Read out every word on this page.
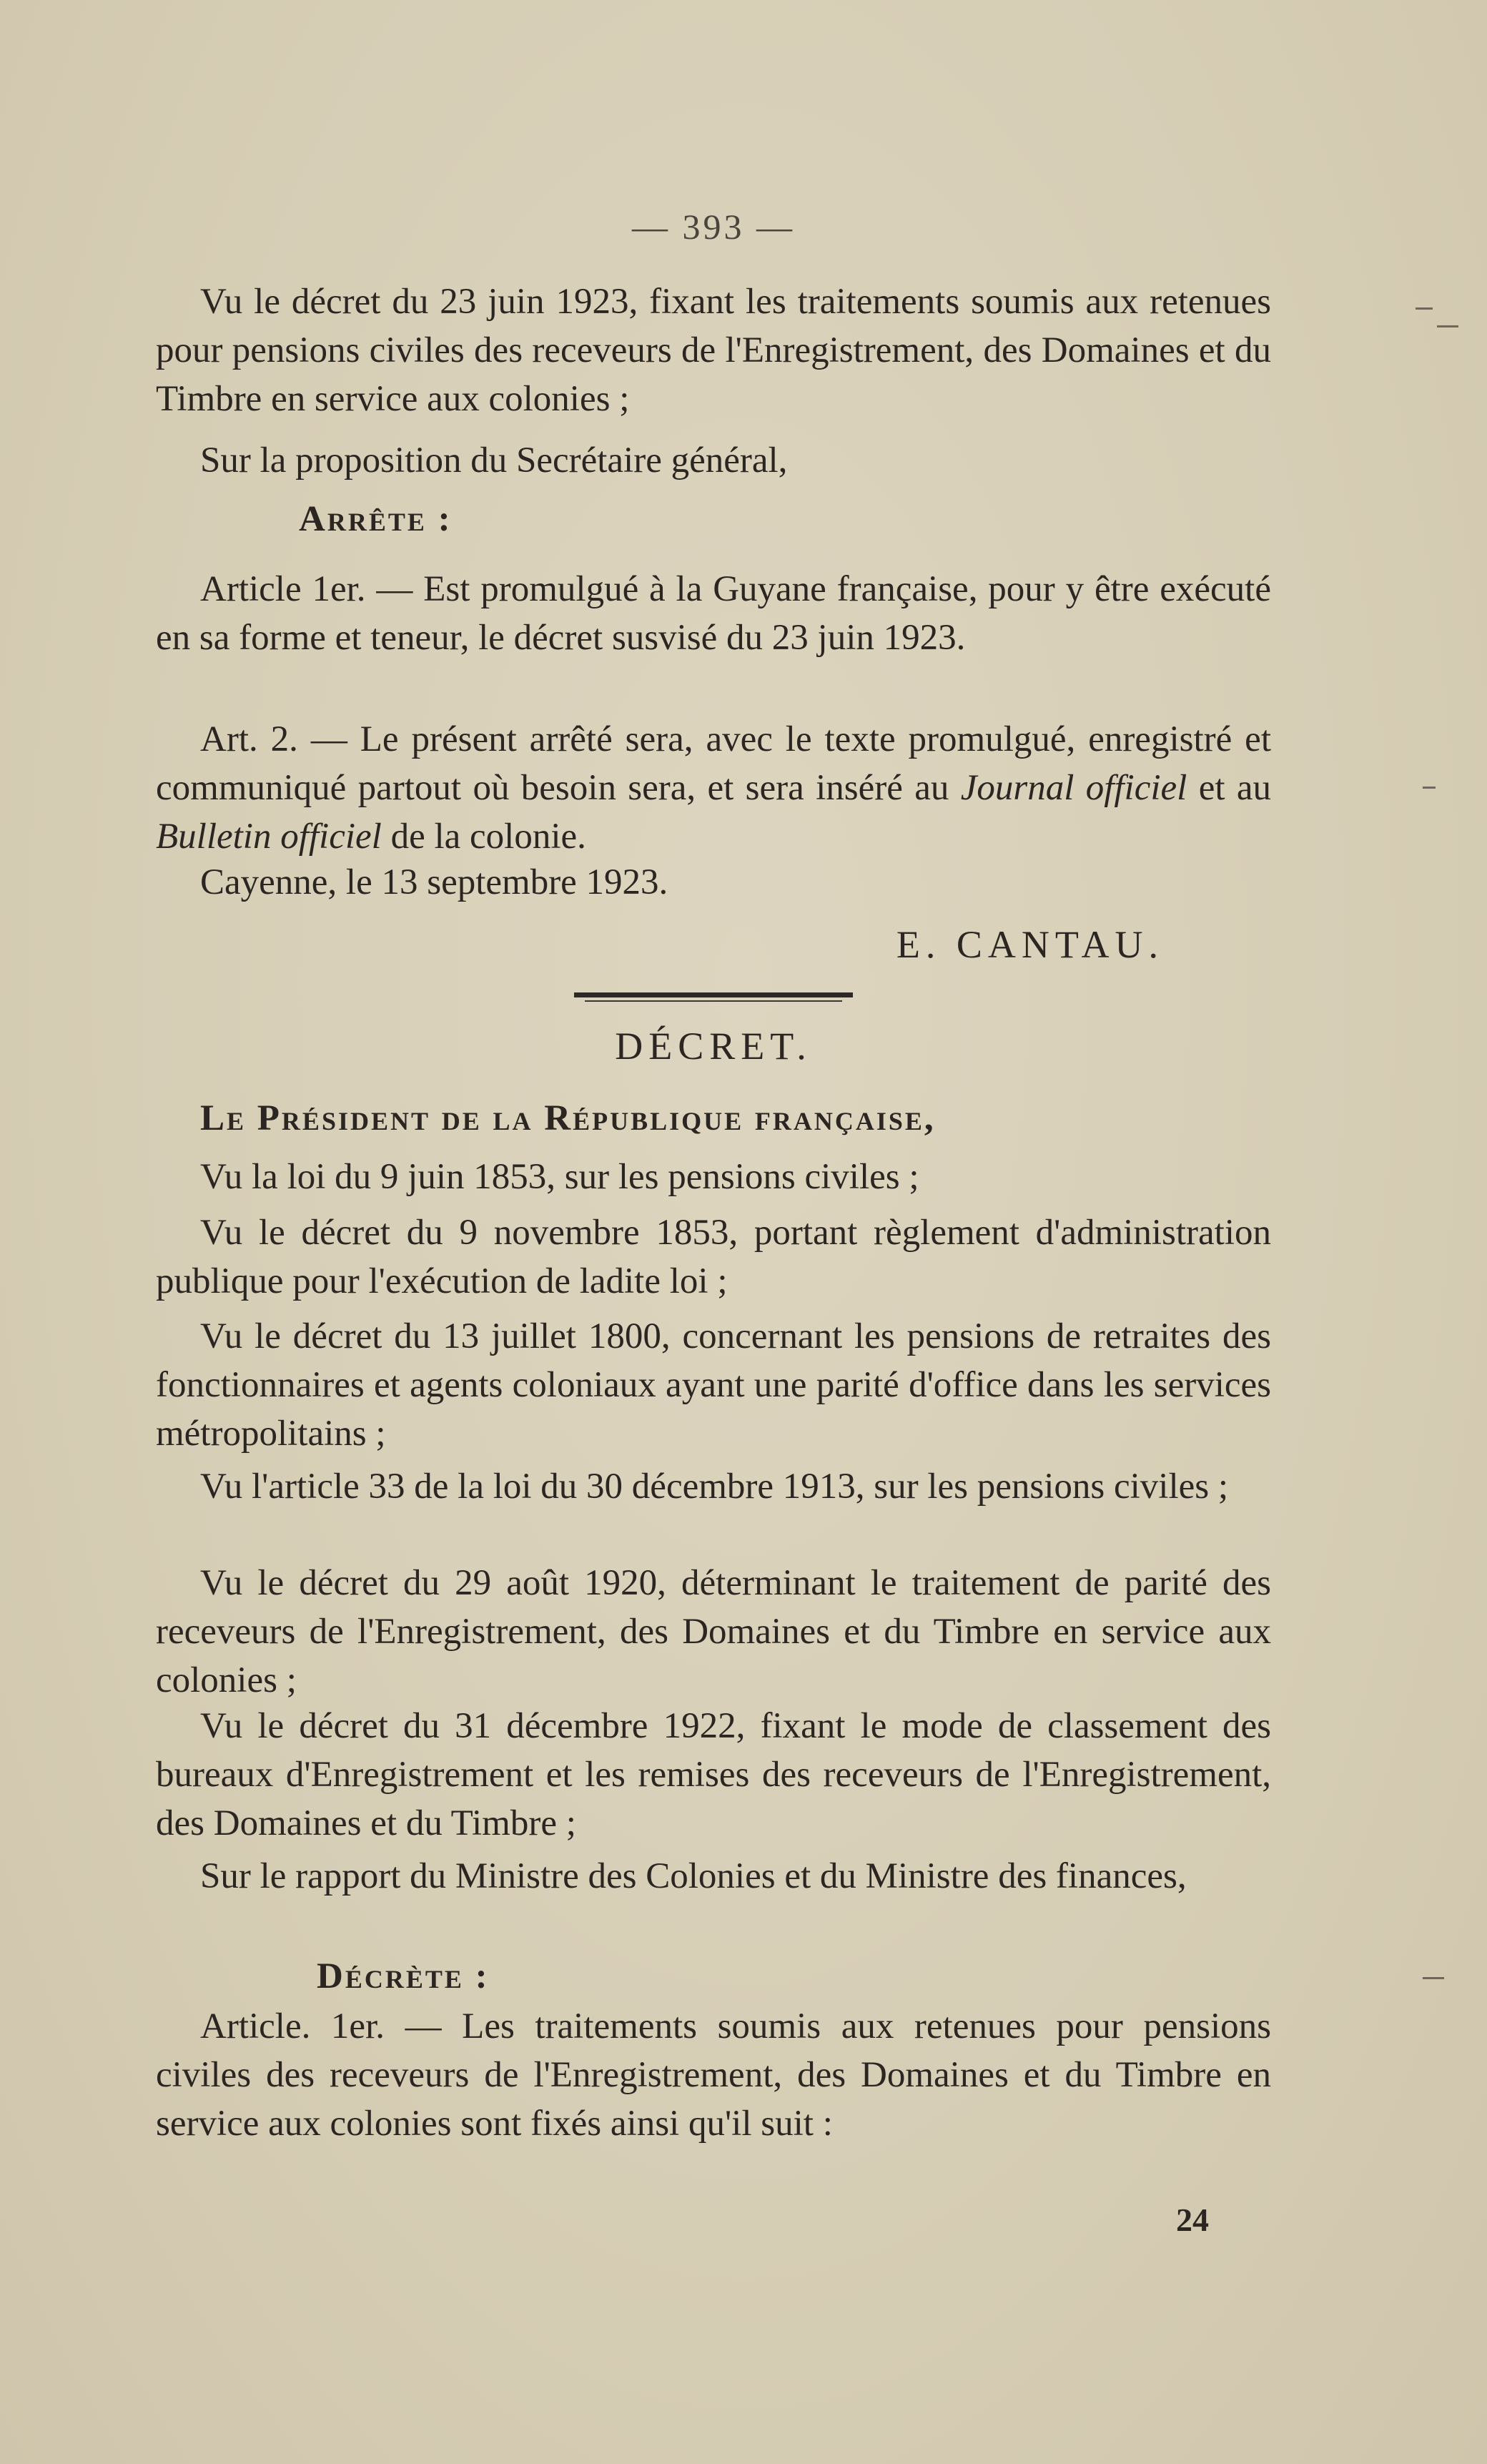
— 393 —

Vu le décret du 23 juin 1923, fixant les traitements soumis aux retenues pour pensions civiles des receveurs de l'Enregistrement, des Domaines et du Timbre en service aux colonies ;

Sur la proposition du Secrétaire général,

Arrête :

Article 1er. — Est promulgué à la Guyane française, pour y être exécuté en sa forme et teneur, le décret susvisé du 23 juin 1923.

Art. 2. — Le présent arrêté sera, avec le texte promulgué, enregistré et communiqué partout où besoin sera, et sera inséré au Journal officiel et au Bulletin officiel de la colonie.

Cayenne, le 13 septembre 1923.

E. CANTAU.
DÉCRET.

Le Président de la République française,

Vu la loi du 9 juin 1853, sur les pensions civiles ;

Vu le décret du 9 novembre 1853, portant règlement d'administration publique pour l'exécution de ladite loi ;

Vu le décret du 13 juillet 1800, concernant les pensions de retraites des fonctionnaires et agents coloniaux ayant une parité d'office dans les services métropolitains ;

Vu l'article 33 de la loi du 30 décembre 1913, sur les pensions civiles ;

Vu le décret du 29 août 1920, déterminant le traitement de parité des receveurs de l'Enregistrement, des Domaines et du Timbre en service aux colonies ;

Vu le décret du 31 décembre 1922, fixant le mode de classement des bureaux d'Enregistrement et les remises des receveurs de l'Enregistrement, des Domaines et du Timbre ;

Sur le rapport du Ministre des Colonies et du Ministre des finances,

Décrète :

Article. 1er. — Les traitements soumis aux retenues pour pensions civiles des receveurs de l'Enregistrement, des Domaines et du Timbre en service aux colonies sont fixés ainsi qu'il suit :

24
